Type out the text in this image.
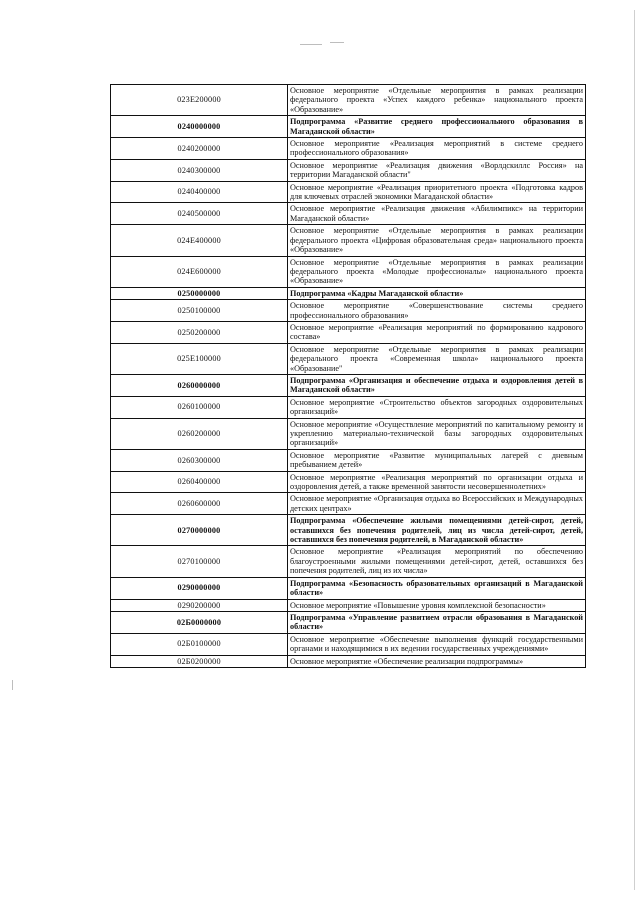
023E200000	Основное мероприятие «Отдельные мероприятия в рамках реализации федерального проекта «Успех каждого ребенка» национального проекта «Образование»
0240000000	Подпрограмма «Развитие среднего профессионального образования в Магаданской области»
0240200000	Основное мероприятие «Реализация мероприятий в системе среднего профессионального образования»
0240300000	Основное мероприятие «Реализация движения «Ворлдскиллс Россия» на территории Магаданской области"
0240400000	Основное мероприятие «Реализация приоритетного проекта «Подготовка кадров для ключевых отраслей экономики Магаданской области»
0240500000	Основное мероприятие «Реализация движения «Абилимпикс» на территории Магаданской области»
024E400000	Основное мероприятие «Отдельные мероприятия в рамках реализации федерального проекта «Цифровая образовательная среда» национального проекта «Образование»
024E600000	Основное мероприятие «Отдельные мероприятия в рамках реализации федерального проекта «Молодые профессионалы» национального проекта «Образование»
0250000000	Подпрограмма «Кадры Магаданской области»
0250100000	Основное мероприятие «Совершенствование системы среднего профессионального образования»
0250200000	Основное мероприятие «Реализация мероприятий по формированию кадрового состава»
025E100000	Основное мероприятие «Отдельные мероприятия в рамках реализации федерального проекта «Современная школа» национального проекта «Образование"
0260000000	Подпрограмма «Организация и обеспечение отдыха и оздоровления детей в Магаданской области»
0260100000	Основное мероприятие «Строительство объектов загородных оздоровительных организаций»
0260200000	Основное мероприятие «Осуществление мероприятий по капитальному ремонту и укреплению материально-технической базы загородных оздоровительных организаций»
0260300000	Основное мероприятие «Развитие муниципальных лагерей с дневным пребыванием детей»
0260400000	Основное мероприятие «Реализация мероприятий по организации отдыха и оздоровления детей, а также временной занятости несовершеннолетних»
0260600000	Основное мероприятие «Организация отдыха во Всероссийских и Международных детских центрах»
0270000000	Подпрограмма «Обеспечение жилыми помещениями детей-сирот, детей, оставшихся без попечения родителей, лиц из числа детей-сирот, детей, оставшихся без попечения родителей, в Магаданской области»
0270100000	Основное мероприятие «Реализация мероприятий по обеспечению благоустроенными жилыми помещениями детей-сирот, детей, оставшихся без попечения родителей, лиц из их числа»
0290000000	Подпрограмма «Безопасность образовательных организаций в Магаданской области»
0290200000	Основное мероприятие «Повышение уровня комплексной безопасности»
02Б0000000	Подпрограмма «Управление развитием отрасли образования в Магаданской области»
02Б0100000	Основное мероприятие «Обеспечение выполнения функций государственными органами и находящимися в их ведении государственных учреждениями»
02Б0200000	Основное мероприятие «Обеспечение реализации подпрограммы»
